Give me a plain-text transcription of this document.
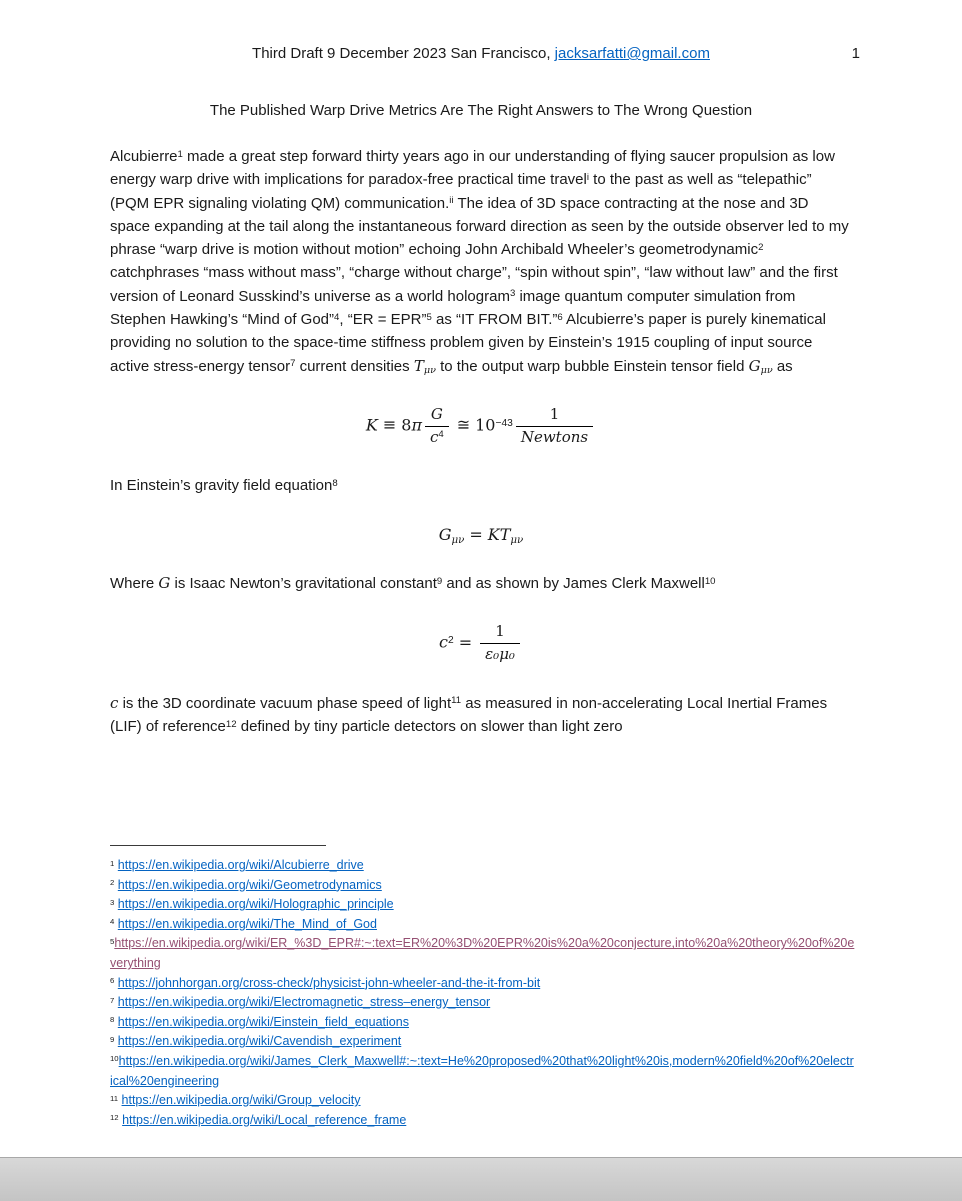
Third Draft 9 December 2023 San Francisco, jacksarfatti@gmail.com	1
The Published Warp Drive Metrics Are The Right Answers to The Wrong Question

Alcubierre$^1$ made a great step forward thirty years ago in our understanding of flying saucer propulsion as low energy warp drive with implications for paradox-free practical time travel$^i$ to the past as well as “telepathic” (PQM EPR signaling violating QM) communication.$^{ii}$ The idea of 3D space contracting at the nose and 3D space expanding at the tail along the instantaneous forward direction as seen by the outside observer led to my phrase “warp drive is motion without motion” echoing John Archibald Wheeler’s geometrodynamic$^2$ catchphrases “mass without mass”, “charge without charge”, “spin without spin”, “law without law” and the first version of Leonard Susskind’s universe as a world hologram$^3$ image quantum computer simulation from Stephen Hawking’s “Mind of God”$^4$, “ER = EPR”$^5$ as “IT FROM BIT.”$^6$ Alcubierre’s paper is purely kinematical providing no solution to the space-time stiffness problem given by Einstein’s 1915 coupling of input source active stress-energy tensor$^7$ current densities $T_{\mu\nu}$ to the output warp bubble Einstein tensor field $G_{\mu\nu}$ as

$K \equiv 8\pi \frac{G}{c^4}$ ≅ $10^{-43} \frac{1}{\text{Newtons}}$

In Einstein’s gravity field equation$^8$

$G_{\mu\nu} = KT_{\mu\nu}$

Where G is Isaac Newton’s gravitational constant$^9$ and as shown by James Clerk Maxwell$^{10}$

$c^2 = \frac{1}{\text{ε₀μ₀}}$

c is the 3D coordinate vacuum phase speed of light$^{11}$ as measured in non-accelerating Local Inertial Frames (LIF) of reference$^{12}$ defined by tiny particle detectors on slower than light zero

$^1$ https://en.wikipedia.org/wiki/Alcubierre_drive
$^2$ https://en.wikipedia.org/wiki/Geometrodynamics
$^3$ https://en.wikipedia.org/wiki/Holographic_principle
$^4$ https://en.wikipedia.org/wiki/The_Mind_of_God
$^5$https://en.wikipedia.org/wiki/ER_%3D_EPR#:~:text=ER%20%3D%20EPR%20is%20a%20conjecture,into%20a%20theory%20of%20everything
$^6$ https://johnhorgan.org/cross-check/physicist-john-wheeler-and-the-it-from-bit
$^7$ https://en.wikipedia.org/wiki/Electromagnetic_stress–energy_tensor
$^8$ https://en.wikipedia.org/wiki/Einstein_field_equations
$^9$ https://en.wikipedia.org/wiki/Cavendish_experiment
$^{10}$https://en.wikipedia.org/wiki/James_Clerk_Maxwell#:~:text=He%20proposed%20that%20light%20is,modern%20field%20of%20electrical%20engineering
$^{11}$ https://en.wikipedia.org/wiki/Group_velocity
$^{12}$ https://en.wikipedia.org/wiki/Local_reference_frame
